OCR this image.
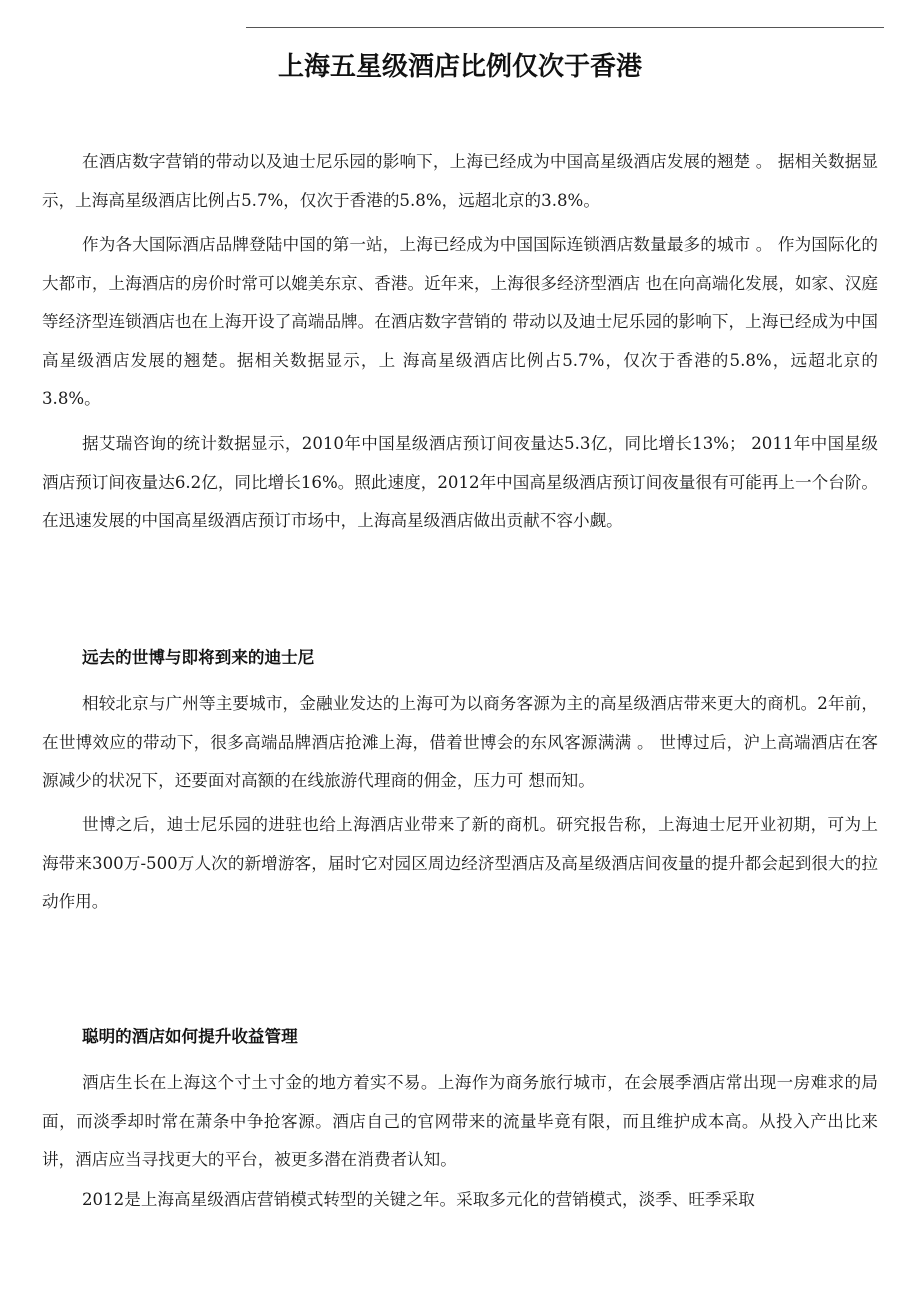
上海五星级酒店比例仅次于香港

在酒店数字营销的带动以及迪士尼乐园的影响下，上海已经成为中国高星级酒店发展的翘楚 。 据相关数据显示，上海高星级酒店比例占5.7%，仅次于香港的5.8%，远超北京的3.8%。

作为各大国际酒店品牌登陆中国的第一站，上海已经成为中国国际连锁酒店数量最多的城市 。 作为国际化的大都市，上海酒店的房价时常可以媲美东京、香港。近年来，上海很多经济型酒店 也在向高端化发展，如家、汉庭等经济型连锁酒店也在上海开设了高端品牌。在酒店数字营销的 带动以及迪士尼乐园的影响下，上海已经成为中国高星级酒店发展的翘楚。据相关数据显示，上 海高星级酒店比例占5.7%，仅次于香港的5.8%，远超北京的3.8%。

据艾瑞咨询的统计数据显示，2010年中国星级酒店预订间夜量达5.3亿，同比增长13%； 2011年中国星级酒店预订间夜量达6.2亿，同比增长16%。照此速度，2012年中国高星级酒店预订间夜量很有可能再上一个台阶。在迅速发展的中国高星级酒店预订市场中，上海高星级酒店做出贡献不容小觑。

远去的世博与即将到来的迪士尼

相较北京与广州等主要城市，金融业发达的上海可为以商务客源为主的高星级酒店带来更大的商机。2年前，在世博效应的带动下，很多高端品牌酒店抢滩上海，借着世博会的东风客源满满 。 世博过后，沪上高端酒店在客源减少的状况下，还要面对高额的在线旅游代理商的佣金，压力可 想而知。

世博之后，迪士尼乐园的进驻也给上海酒店业带来了新的商机。研究报告称，上海迪士尼开业初期，可为上海带来300万-500万人次的新增游客，届时它对园区周边经济型酒店及高星级酒店间夜量的提升都会起到很大的拉动作用。

聪明的酒店如何提升收益管理

酒店生长在上海这个寸土寸金的地方着实不易。上海作为商务旅行城市，在会展季酒店常出现一房难求的局面，而淡季却时常在萧条中争抢客源。酒店自己的官网带来的流量毕竟有限，而且维护成本高。从投入产出比来讲，酒店应当寻找更大的平台，被更多潜在消费者认知。

2012是上海高星级酒店营销模式转型的关键之年。采取多元化的营销模式，淡季、旺季采取
